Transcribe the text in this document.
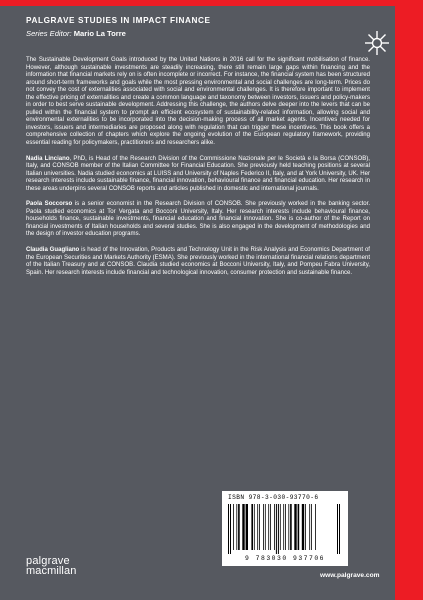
PALGRAVE STUDIES IN IMPACT FINANCE
Series Editor: Mario La Torre

The Sustainable Development Goals introduced by the United Nations in 2016 call for the significant mobilisation of finance. However, although sustainable investments are steadily increasing, there still remain large gaps within financing and the information that financial markets rely on is often incomplete or incorrect. For instance, the financial system has been structured around short-term frameworks and goals while the most pressing environmental and social challenges are long-term. Prices do not convey the cost of externalities associated with social and environmental challenges. It is therefore important to implement the effective pricing of externalities and create a common language and taxonomy between investors, issuers and policy-makers in order to best serve sustainable development. Addressing this challenge, the authors delve deeper into the levers that can be pulled within the financial system to prompt an efficient ecosystem of sustainability-related information, allowing social and environmental externalities to be incorporated into the decision-making process of all market agents. Incentives needed for investors, issuers and intermediaries are proposed along with regulation that can trigger these incentives. This book offers a comprehensive collection of chapters which explore the ongoing evolution of the European regulatory framework, providing essential reading for policymakers, practitioners and researchers alike.

Nadia Linciano, PhD, is Head of the Research Division of the Commissione Nazionale per le Società e la Borsa (CONSOB), Italy, and CONSOB member of the Italian Committee for Financial Education. She previously held teaching positions at several Italian universities. Nadia studied economics at LUISS and University of Naples Federico II, Italy, and at York University, UK. Her research interests include sustainable finance, financial innovation, behavioural finance and financial education. Her research in these areas underpins several CONSOB reports and articles published in domestic and international journals.

Paola Soccorso is a senior economist in the Research Division of CONSOB. She previously worked in the banking sector. Paola studied economics at Tor Vergata and Bocconi University, Italy. Her research interests include behavioural finance, households finance, sustainable investments, financial education and financial innovation. She is co-author of the Report on financial investments of Italian households and several studies. She is also engaged in the development of methodologies and the design of investor education programs.

Claudia Guagliano is head of the Innovation, Products and Technology Unit in the Risk Analysis and Economics Department of the European Securities and Markets Authority (ESMA). She previously worked in the international financial relations department of the Italian Treasury and at CONSOB. Claudia studied economics at Bocconi University, Italy, and Pompeu Fabra University, Spain. Her research interests include financial and technological innovation, consumer protection and sustainable finance.

ISBN 978-3-030-93770-6
9 783030 937706
palgrave
macmillan	www.palgrave.com
